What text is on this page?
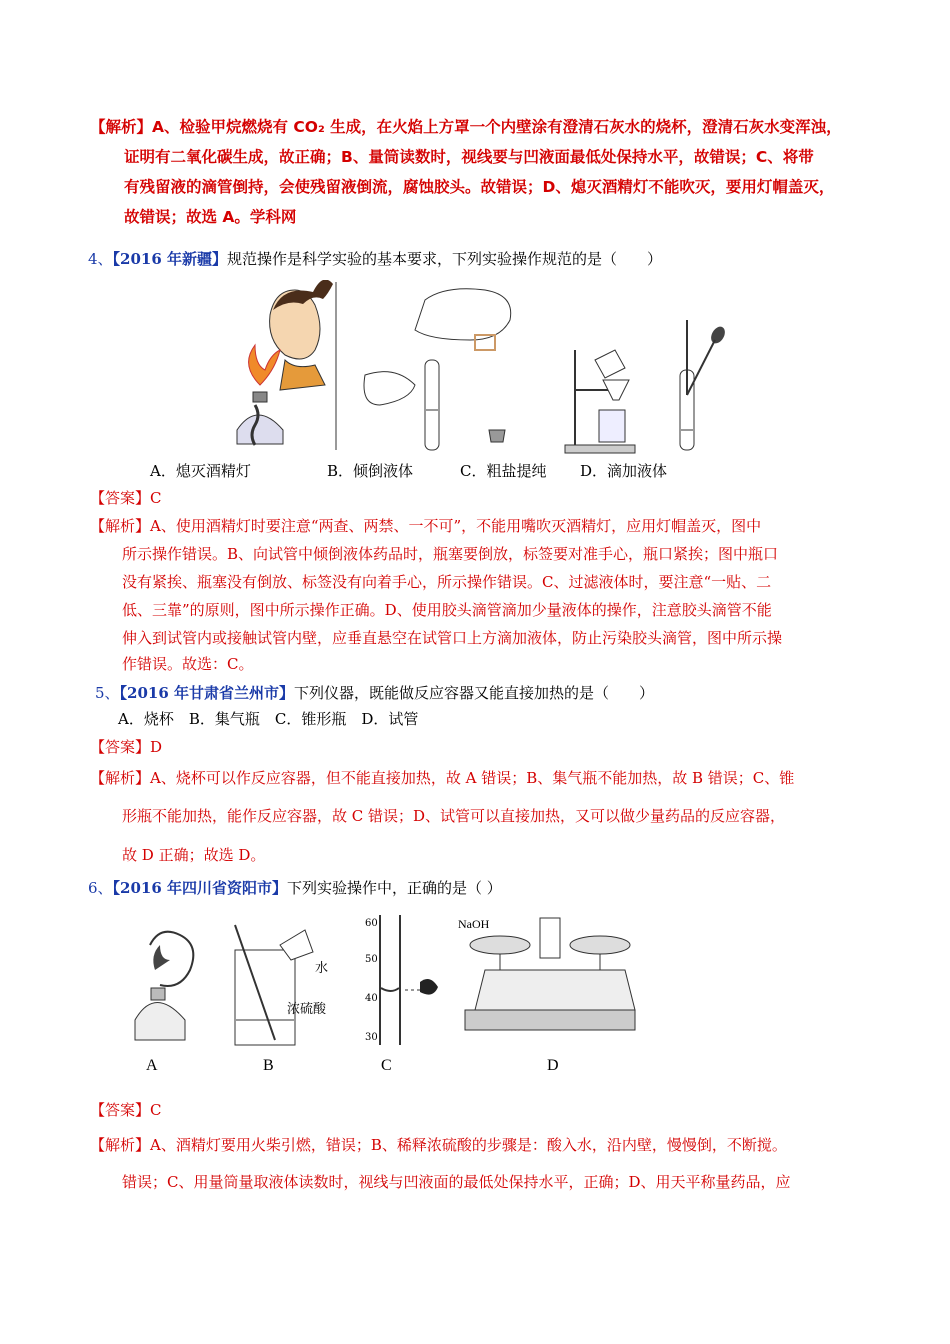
【解析】A、检验甲烷燃烧有 CO₂ 生成，在火焰上方罩一个内壁涂有澄清石灰水的烧杯，澄清石灰水变浑浊，
证明有二氧化碳生成，故正确；B、量筒读数时，视线要与凹液面最低处保持水平，故错误；C、将带
有残留液的滴管倒持，会使残留液倒流，腐蚀胶头。故错误；D、熄灭酒精灯不能吹灭，要用灯帽盖灭，
故错误；故选 A。学科网
4、【2016 年新疆】规范操作是科学实验的基本要求，下列实验操作规范的是（　　）
A．熄灭酒精灯	B．倾倒液体	C．粗盐提纯 D．滴加液体
【答案】C
【解析】A、使用酒精灯时要注意“两查、两禁、一不可”，不能用嘴吹灭酒精灯，应用灯帽盖灭，图中
所示操作错误。B、向试管中倾倒液体药品时，瓶塞要倒放，标签要对准手心，瓶口紧挨；图中瓶口
没有紧挨、瓶塞没有倒放、标签没有向着手心，所示操作错误。C、过滤液体时，要注意“一贴、二
低、三靠”的原则，图中所示操作正确。D、使用胶头滴管滴加少量液体的操作，注意胶头滴管不能
伸入到试管内或接触试管内壁，应垂直悬空在试管口上方滴加液体，防止污染胶头滴管，图中所示操
作错误。故选：C。
5、【2016 年甘肃省兰州市】下列仪器，既能做反应容器又能直接加热的是（　　）
A．烧杯　B．集气瓶　C．锥形瓶　D．试管
【答案】D
【解析】A、烧杯可以作反应容器，但不能直接加热，故 A 错误；B、集气瓶不能加热，故 B 错误；C、锥
形瓶不能加热，能作反应容器，故 C 错误；D、试管可以直接加热，又可以做少量药品的反应容器，
故 D 正确；故选 D。
6、【2016 年四川省资阳市】下列实验操作中，正确的是（ ）
水
浓硫酸
60
50
40
30
NaOH
A	B	C	D
【答案】C
【解析】A、酒精灯要用火柴引燃，错误；B、稀释浓硫酸的步骤是：酸入水，沿内壁，慢慢倒，不断搅。
错误；C、用量筒量取液体读数时，视线与凹液面的最低处保持水平，正确；D、用天平称量药品，应
